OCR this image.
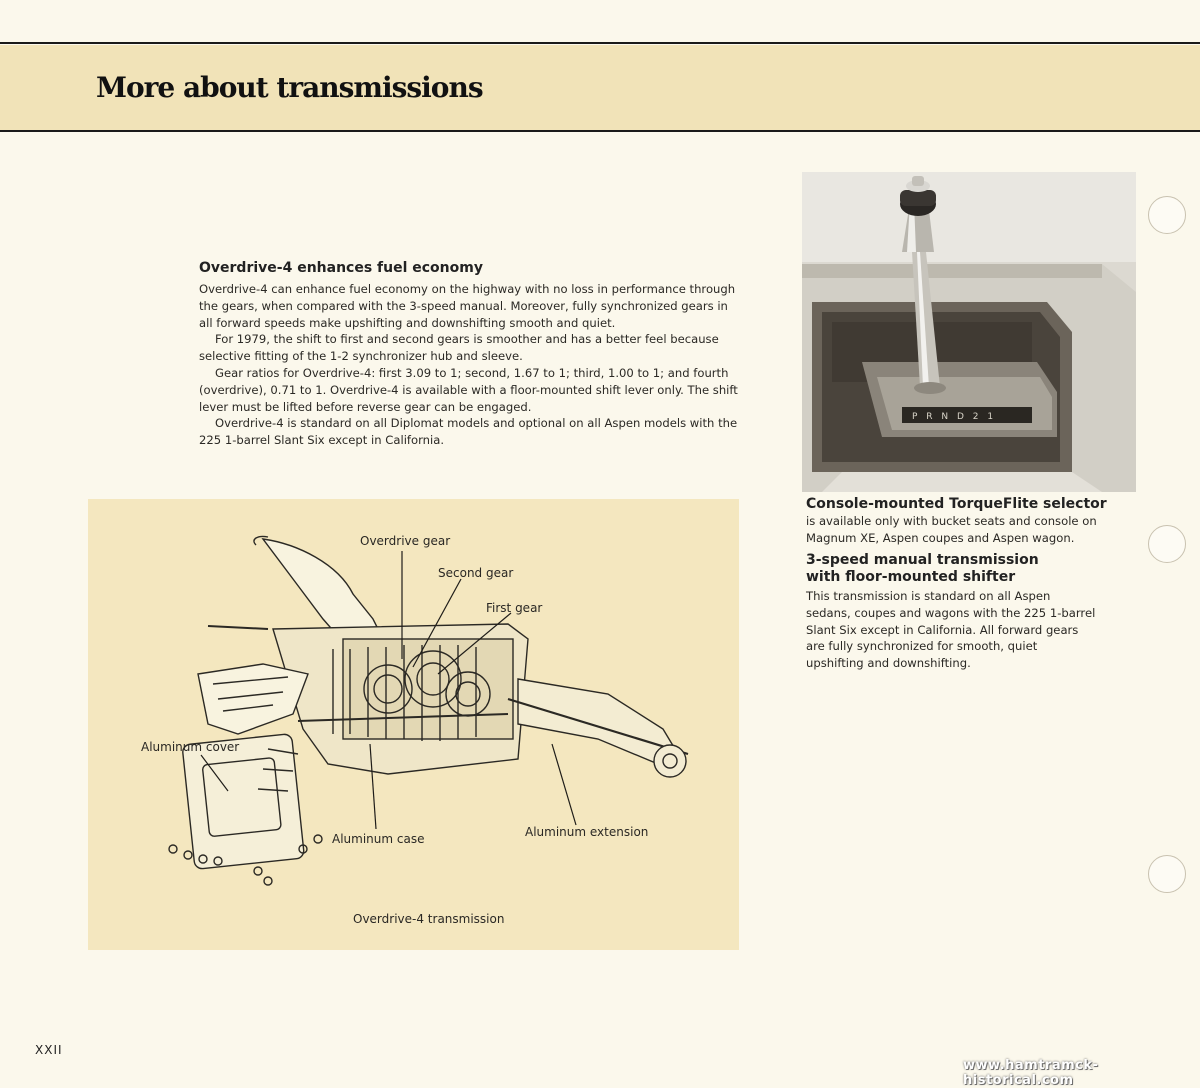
More about transmissions
Overdrive-4 enhances fuel economy

Overdrive-4 can enhance fuel economy on the highway with no loss in performance through the gears, when compared with the 3-speed manual. Moreover, fully synchronized gears in all forward speeds make upshifting and downshifting smooth and quiet.

For 1979, the shift to first and second gears is smoother and has a better feel because selective fitting of the 1-2 synchronizer hub and sleeve.

Gear ratios for Overdrive-4: first 3.09 to 1; second, 1.67 to 1; third, 1.00 to 1; and fourth (overdrive), 0.71 to 1. Overdrive-4 is available with a floor-mounted shift lever only. The shift lever must be lifted before reverse gear can be engaged.

Overdrive-4 is standard on all Diplomat models and optional on all Aspen models with the 225 1-barrel Slant Six except in California.

P R N D 2 1
Console-mounted TorqueFlite selector

is available only with bucket seats and console on Magnum XE, Aspen coupes and Aspen wagon.

3-speed manual transmission with floor-mounted shifter

This transmission is standard on all Aspen sedans, coupes and wagons with the 225 1-barrel Slant Six except in California. All forward gears are fully synchronized for smooth, quiet upshifting and downshifting.

Overdrive gear
Second gear
First gear
Aluminum cover
Aluminum case	Aluminum extension
Overdrive-4 transmission
XXII
www.hamtramck-historical.com
